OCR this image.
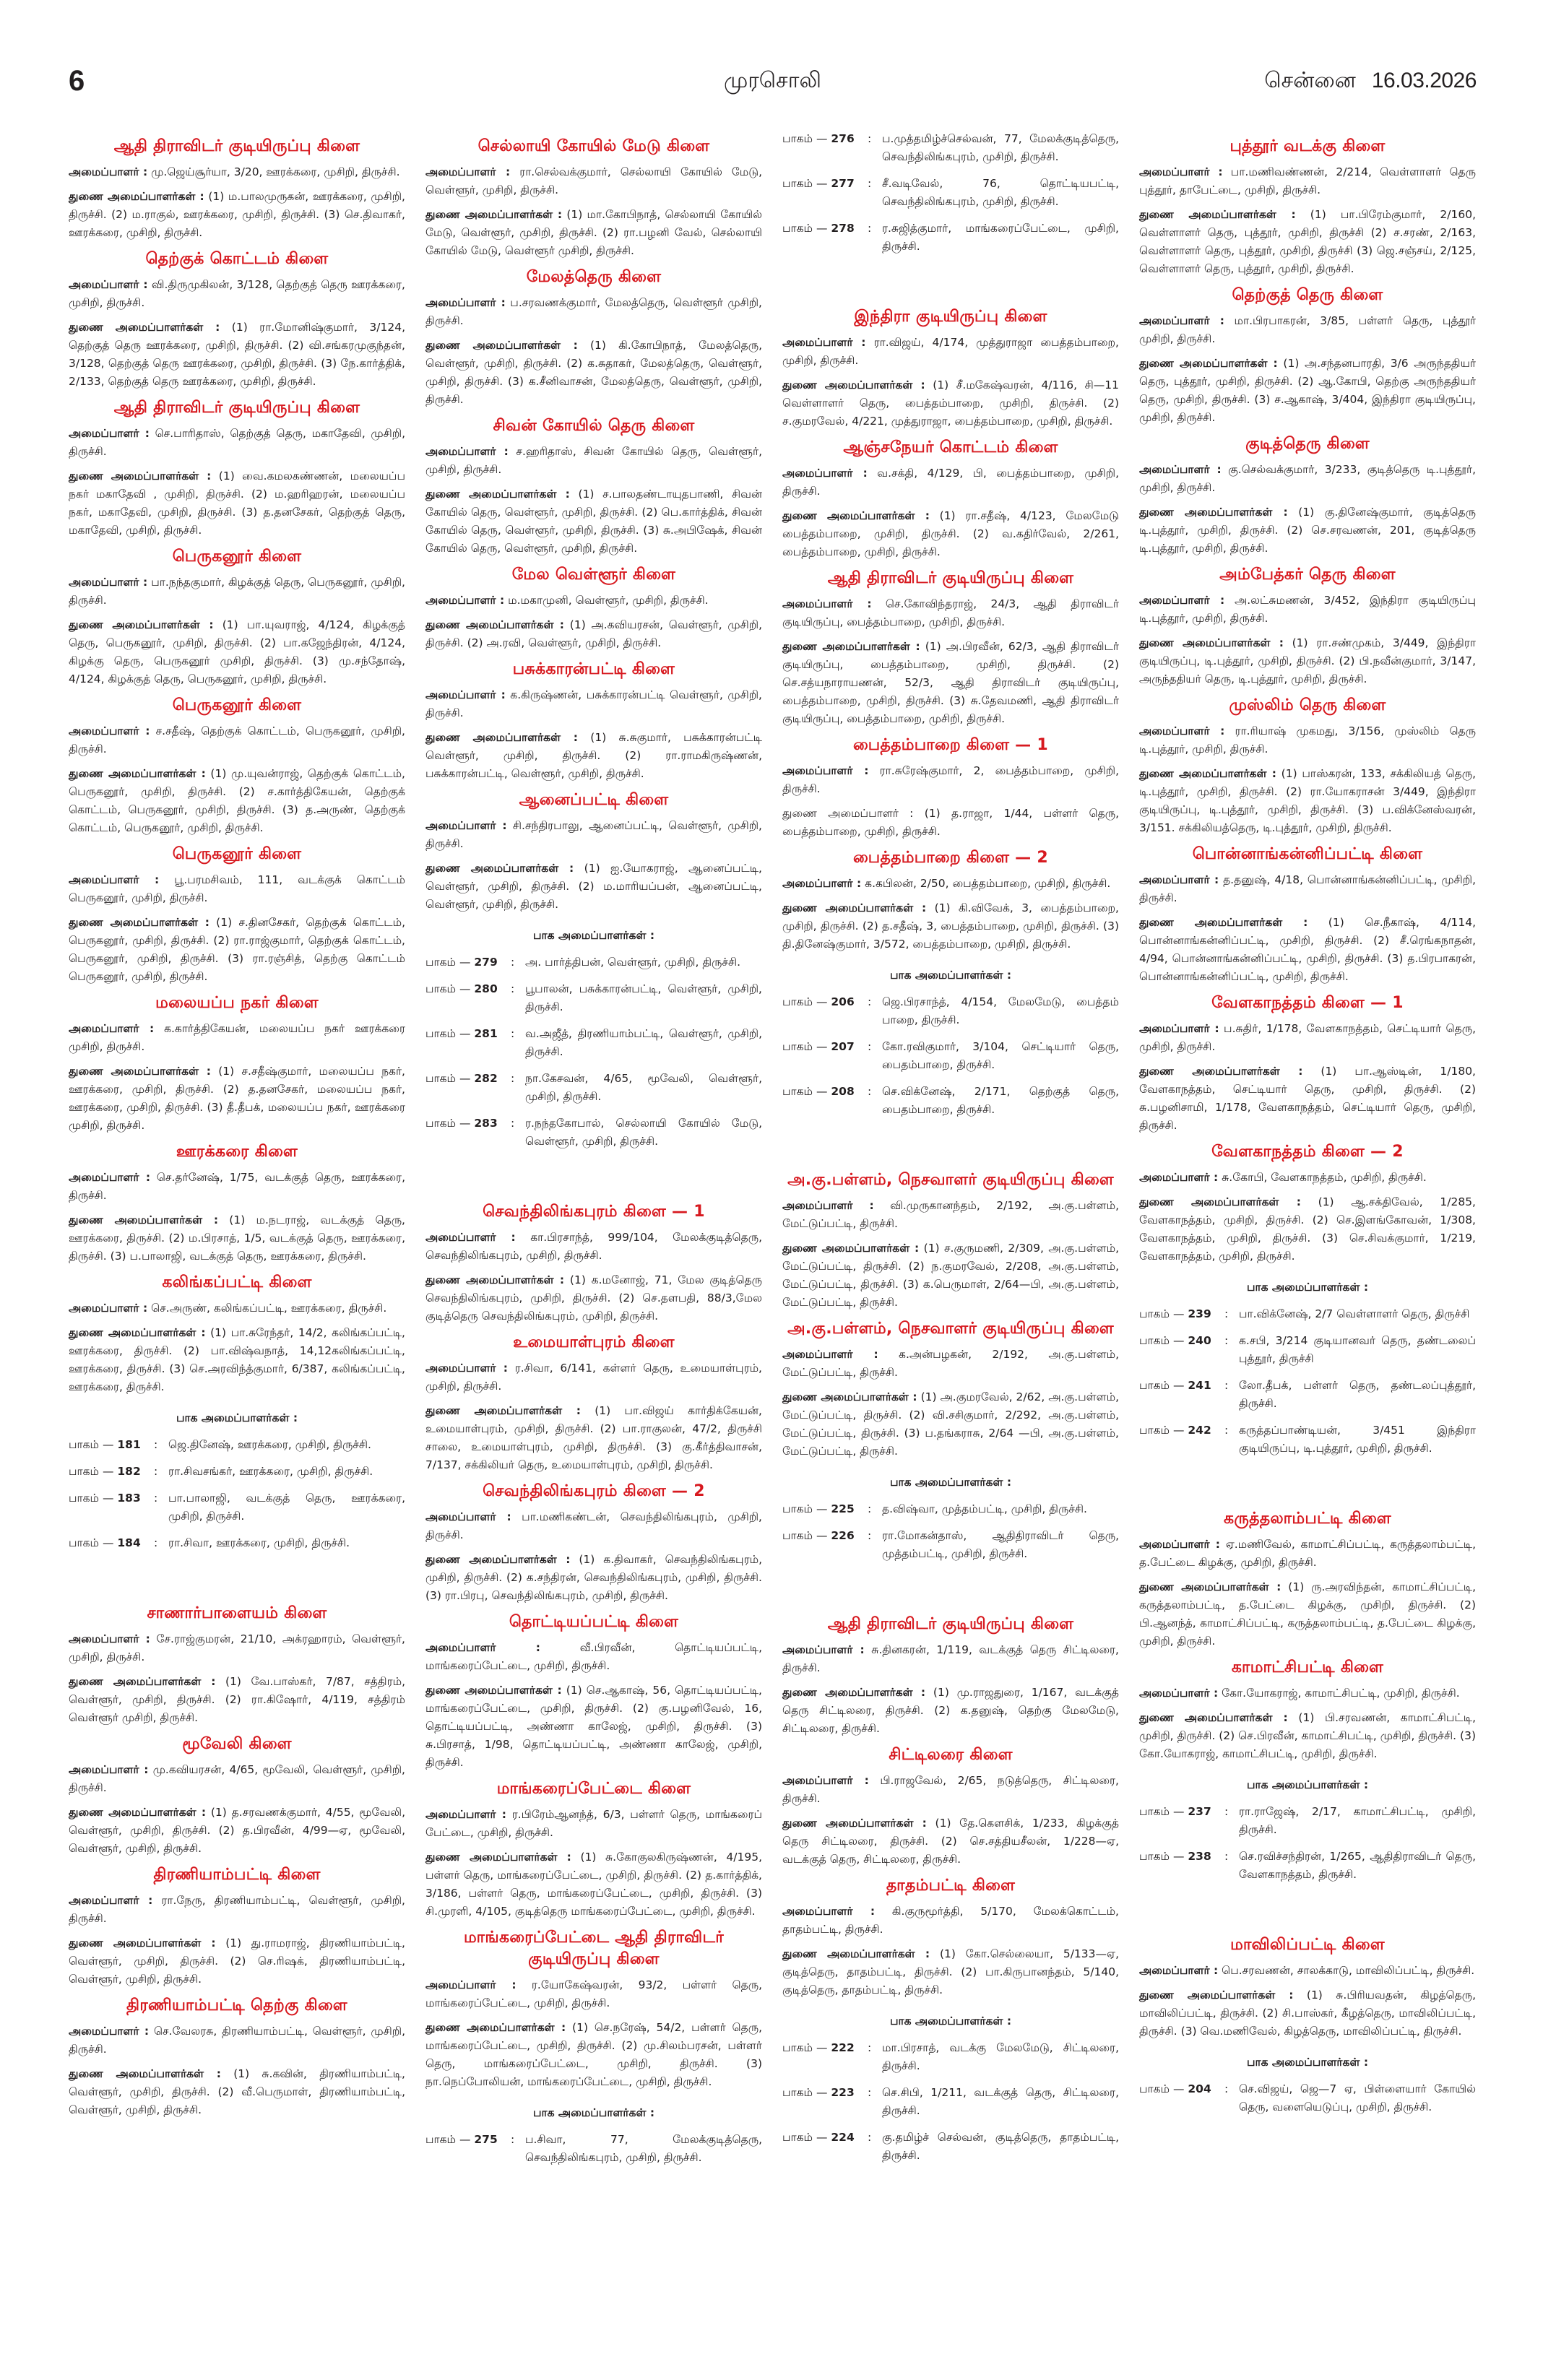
6	முரசொலி	சென்னை 16.03.2026
ஆதி திராவிடர் குடியிருப்பு கிளை

அமைப்பாளர் : மு.ஜெய்சூர்யா, 3/20, ஊரக்கரை, முசிறி, திருச்சி.

துணை அமைப்பாளர்கள் : (1) ம.பாலமுருகன், ஊரக்கரை, முசிறி, திருச்சி. (2) ம.ராகுல், ஊரக்கரை, முசிறி, திருச்சி. (3) செ.திவாகர், ஊரக்கரை, முசிறி, திருச்சி.

தெற்குக் கொட்டம் கிளை

அமைப்பாளர் : வி.திருமுகிலன், 3/128, தெற்குத் தெரு ஊரக்கரை, முசிறி, திருச்சி.

துணை அமைப்பாளர்கள் : (1) ரா.மோனிஷ்குமார், 3/124, தெற்குத் தெரு ஊரக்கரை, முசிறி, திருச்சி. (2) வி.சங்கரமுகுந்தன், 3/128, தெற்குத் தெரு ஊரக்கரை, முசிறி, திருச்சி. (3) நே.கார்த்திக், 2/133, தெற்குத் தெரு ஊரக்கரை, முசிறி, திருச்சி.

ஆதி திராவிடர் குடியிருப்பு கிளை

அமைப்பாளர் : செ.பாரிதாஸ், தெற்குத் தெரு, மகாதேவி, முசிறி, திருச்சி.

துணை அமைப்பாளர்கள் : (1) வை.கமலகண்ணன், மலையப்ப நகர் மகாதேவி , முசிறி, திருச்சி. (2) ம.ஹரிஹரன், மலையப்ப நகர், மகாதேவி, முசிறி, திருச்சி. (3) த.தனசேகர், தெற்குத் தெரு, மகாதேவி, முசிறி, திருச்சி.

பெருகனூர் கிளை

அமைப்பாளர் : பா.நந்தகுமார், கிழக்குத் தெரு, பெருகனூர், முசிறி, திருச்சி.

துணை அமைப்பாளர்கள் : (1) பா.யுவராஜ், 4/124, கிழக்குத் தெரு, பெருகனூர், முசிறி, திருச்சி. (2) பா.கஜேந்திரன், 4/124, கிழக்கு தெரு, பெருகனூர் முசிறி, திருச்சி. (3) மு.சந்தோஷ், 4/124, கிழக்குத் தெரு, பெருகனூர், முசிறி, திருச்சி.

பெருகனூர் கிளை

அமைப்பாளர் : ச.சதீஷ், தெற்குக் கொட்டம், பெருகனூர், முசிறி, திருச்சி.

துணை அமைப்பாளர்கள் : (1) மு.யுவன்ராஜ், தெற்குக் கொட்டம், பெருகனூர், முசிறி, திருச்சி. (2) ச.கார்த்திகேயன், தெற்குக் கொட்டம், பெருகனூர், முசிறி, திருச்சி. (3) த.அருண், தெற்குக் கொட்டம், பெருகனூர், முசிறி, திருச்சி.

பெருகனூர் கிளை

அமைப்பாளர் : பூ.பரமசிவம், 111, வடக்குக் கொட்டம் பெருகனூர், முசிறி, திருச்சி.

துணை அமைப்பாளர்கள் : (1) ச.தினசேகர், தெற்குக் கொட்டம், பெருகனூர், முசிறி, திருச்சி. (2) ரா.ராஜ்குமார், தெற்குக் கொட்டம், பெருகனூர், முசிறி, திருச்சி. (3) ரா.ரஞ்சித், தெற்கு கொட்டம் பெருகனூர், முசிறி, திருச்சி.

மலையப்ப நகர் கிளை

அமைப்பாளர் : க.கார்த்திகேயன், மலையப்ப நகர் ஊரக்கரை முசிறி, திருச்சி.

துணை அமைப்பாளர்கள் : (1) ச.சதீஷ்குமார், மலையப்ப நகர், ஊரக்கரை, முசிறி, திருச்சி. (2) த.தனசேகர், மலையப்ப நகர், ஊரக்கரை, முசிறி, திருச்சி. (3) தீ.தீபக், மலையப்ப நகர், ஊரக்கரை முசிறி, திருச்சி.

ஊரக்கரை கிளை

அமைப்பாளர் : செ.தர்னேஷ், 1/75, வடக்குத் தெரு, ஊரக்கரை, திருச்சி.

துணை அமைப்பாளர்கள் : (1) ம.நடராஜ், வடக்குத் தெரு, ஊரக்கரை, திருச்சி. (2) ம.பிரசாத், 1/5, வடக்குத் தெரு, ஊரக்கரை, திருச்சி. (3) ப.பாலாஜி, வடக்குத் தெரு, ஊரக்கரை, திருச்சி.

கலிங்கப்பட்டி கிளை

அமைப்பாளர் : செ.அருண், கலிங்கப்பட்டி, ஊரக்கரை, திருச்சி.

துணை அமைப்பாளர்கள் : (1) பா.சுரேந்தர், 14/2, கலிங்கப்பட்டி, ஊரக்கரை, திருச்சி. (2) பா.விஷ்வநாத், 14,12கலிங்கப்பட்டி, ஊரக்கரை, திருச்சி. (3) செ.அரவிந்த்குமார், 6/387, கலிங்கப்பட்டி, ஊரக்கரை, திருச்சி.

பாக அமைப்பாளர்கள் :
பாகம் — 181	: ஜெ.தினேஷ், ஊரக்கரை, முசிறி, திருச்சி.
பாகம் — 182	: ரா.சிவசங்கர், ஊரக்கரை, முசிறி, திருச்சி.
பாகம் — 183	: பா.பாலாஜி, வடக்குத் தெரு, ஊரக்கரை, முசிறி, திருச்சி.
பாகம் — 184	: ரா.சிவா, ஊரக்கரை, முசிறி, திருச்சி.
சாணார்பாளையம் கிளை

அமைப்பாளர் : சே.ராஜ்குமரன், 21/10, அக்ரஹாரம், வெள்ளூர், முசிறி, திருச்சி.

துணை அமைப்பாளர்கள் : (1) வே.பாஸ்கர், 7/87, சத்திரம், வெள்ளூர், முசிறி, திருச்சி. (2) ரா.கிஷோர், 4/119, சத்திரம் வெள்ளூர் முசிறி, திருச்சி.

மூவேலி கிளை

அமைப்பாளர் : மு.கவியரசன், 4/65, மூவேலி, வெள்ளூர், முசிறி, திருச்சி.

துணை அமைப்பாளர்கள் : (1) த.சரவணக்குமார், 4/55, மூவேலி, வெள்ளூர், முசிறி, திருச்சி. (2) த.பிரவீன், 4/99—ஏ, மூவேலி, வெள்ளூர், முசிறி, திருச்சி.

திரணியாம்பட்டி கிளை

அமைப்பாளர் : ரா.நேரு, திரணியாம்பட்டி, வெள்ளூர், முசிறி, திருச்சி.

துணை அமைப்பாளர்கள் : (1) து.ராமராஜ், திரணியாம்பட்டி, வெள்ளூர், முசிறி, திருச்சி. (2) செ.ரிஷக், திரணியாம்பட்டி, வெள்ளூர், முசிறி, திருச்சி.

திரணியாம்பட்டி தெற்கு கிளை

அமைப்பாளர் : செ.வேலரசு, திரணியாம்பட்டி, வெள்ளூர், முசிறி, திருச்சி.

துணை அமைப்பாளர்கள் : (1) சு.கவின், திரணியாம்பட்டி, வெள்ளூர், முசிறி, திருச்சி. (2) வீ.பெருமாள், திரணியாம்பட்டி, வெள்ளூர், முசிறி, திருச்சி.

செல்லாயி கோயில் மேடு கிளை

அமைப்பாளர் : ரா.செல்வக்குமார், செல்லாயி கோயில் மேடு, வெள்ளூர், முசிறி, திருச்சி.

துணை அமைப்பாளர்கள் : (1) மா.கோபிநாத், செல்லாயி கோயில் மேடு, வெள்ளூர், முசிறி, திருச்சி. (2) ரா.பழனி வேல், செல்லாயி கோயில் மேடு, வெள்ளூர் முசிறி, திருச்சி.

மேலத்தெரு கிளை

அமைப்பாளர் : ப.சரவணக்குமார், மேலத்தெரு, வெள்ளூர் முசிறி, திருச்சி.

துணை அமைப்பாளர்கள் : (1) கி.கோபிநாத், மேலத்தெரு, வெள்ளூர், முசிறி, திருச்சி. (2) க.சுதாகர், மேலத்தெரு, வெள்ளூர், முசிறி, திருச்சி. (3) க.சீனிவாசன், மேலத்தெரு, வெள்ளூர், முசிறி, திருச்சி.

சிவன் கோயில் தெரு கிளை

அமைப்பாளர் : ச.ஹரிதாஸ், சிவன் கோயில் தெரு, வெள்ளூர், முசிறி, திருச்சி.

துணை அமைப்பாளர்கள் : (1) ச.பாலதண்டாயுதபாணி, சிவன் கோயில் தெரு, வெள்ளூர், முசிறி, திருச்சி. (2) பெ.கார்த்திக், சிவன் கோயில் தெரு, வெள்ளூர், முசிறி, திருச்சி. (3) சு.அபிஷேக், சிவன் கோயில் தெரு, வெள்ளூர், முசிறி, திருச்சி.

மேல வெள்ளூர் கிளை

அமைப்பாளர் : ம.மகாமுனி, வெள்ளூர், முசிறி, திருச்சி.

துணை அமைப்பாளர்கள் : (1) அ.கவியரசன், வெள்ளூர், முசிறி, திருச்சி. (2) அ.ரவி, வெள்ளூர், முசிறி, திருச்சி.

பசுக்காரன்பட்டி கிளை

அமைப்பாளர் : க.கிருஷ்ணன், பசுக்காரன்பட்டி வெள்ளூர், முசிறி, திருச்சி.

துணை அமைப்பாளர்கள் : (1) சு.சுகுமார், பசுக்காரன்பட்டி வெள்ளூர், முசிறி, திருச்சி. (2) ரா.ராமகிருஷ்ணன், பசுக்காரன்பட்டி, வெள்ளூர், முசிறி, திருச்சி.

ஆனைப்பட்டி கிளை

அமைப்பாளர் : சி.சந்திரபாலு, ஆனைப்பட்டி, வெள்ளூர், முசிறி, திருச்சி.

துணை அமைப்பாளர்கள் : (1) ஐ.யோகராஜ், ஆனைப்பட்டி, வெள்ளூர், முசிறி, திருச்சி. (2) ம.மாரியப்பன், ஆனைப்பட்டி, வெள்ளூர், முசிறி, திருச்சி.

பாக அமைப்பாளர்கள் :
பாகம் — 279	: அ. பார்த்திபன், வெள்ளூர், முசிறி, திருச்சி.
பாகம் — 280	: பூபாலன், பசுக்காரன்பட்டி, வெள்ளூர், முசிறி, திருச்சி.
பாகம் — 281	: வ.அஜீத், திரணியாம்பட்டி, வெள்ளூர், முசிறி, திருச்சி.
பாகம் — 282	: நா.கேசவன், 4/65, மூவேலி, வெள்ளூர், முசிறி, திருச்சி.
பாகம் — 283	: ர.நந்தகோபால், செல்லாயி கோயில் மேடு, வெள்ளூர், முசிறி, திருச்சி.
செவந்திலிங்கபுரம் கிளை — 1

அமைப்பாளர் : கா.பிரசாந்த், 999/104, மேலக்குடித்தெரு, செவந்திலிங்கபுரம், முசிறி, திருச்சி.

துணை அமைப்பாளர்கள் : (1) க.மனோஜ், 71, மேல குடித்தெரு செவந்திலிங்கபுரம், முசிறி, திருச்சி. (2) செ.தளபதி, 88/3,மேல குடித்தெரு செவந்திலிங்கபுரம், முசிறி, திருச்சி.

உமையாள்புரம் கிளை

அமைப்பாளர் : ர.சிவா, 6/141, கள்ளர் தெரு, உமையாள்புரம், முசிறி, திருச்சி.

துணை அமைப்பாளர்கள் : (1) பா.விஜய் கார்திக்கேயன், உமையாள்புரம், முசிறி, திருச்சி. (2) பா.ராகுலன், 47/2, திருச்சி சாலை, உமையாள்புரம், முசிறி, திருச்சி. (3) கு.கீர்த்திவாசன், 7/137, சக்கிலியர் தெரு, உமையாள்புரம், முசிறி, திருச்சி.

செவந்திலிங்கபுரம் கிளை — 2

அமைப்பாளர் : பா.மணிகண்டன், செவந்திலிங்கபுரம், முசிறி, திருச்சி.

துணை அமைப்பாளர்கள் : (1) க.திவாகர், செவந்திலிங்கபுரம், முசிறி, திருச்சி. (2) க.சந்திரன், செவந்திலிங்கபுரம், முசிறி, திருச்சி. (3) ரா.பிரபு, செவந்திலிங்கபுரம், முசிறி, திருச்சி.

தொட்டியப்பட்டி கிளை

அமைப்பாளர் :	வீ.பிரவீன், தொட்டியப்பட்டி, மாங்கரைப்பேட்டை, முசிறி, திருச்சி.

துணை அமைப்பாளர்கள் : (1) செ.ஆகாஷ், 56, தொட்டியப்பட்டி, மாங்கரைப்பேட்டை, முசிறி, திருச்சி. (2) கு.பழனிவேல், 16, தொட்டியப்பட்டி, அண்ணா காலேஜ், முசிறி, திருச்சி. (3) சு.பிரசாத், 1/98, தொட்டியப்பட்டி, அண்ணா காலேஜ், முசிறி, திருச்சி.

மாங்கரைப்பேட்டை கிளை

அமைப்பாளர் : ர.பிரேம்ஆனந்த், 6/3, பள்ளர் தெரு, மாங்கரைப் பேட்டை, முசிறி, திருச்சி.

துணை அமைப்பாளர்கள் : (1) சு.கோகுலகிருஷ்ணன், 4/195, பள்ளர் தெரு, மாங்கரைப்பேட்டை, முசிறி, திருச்சி. (2) த.கார்த்திக், 3/186, பள்ளர் தெரு, மாங்கரைப்பேட்டை, முசிறி, திருச்சி. (3) சி.முரளி, 4/105, குடித்தெரு மாங்கரைப்பேட்டை, முசிறி, திருச்சி.

மாங்கரைப்பேட்டை ஆதி திராவிடர் குடியிருப்பு கிளை

அமைப்பாளர் : ர.யோகேஷ்வரன், 93/2, பள்ளர் தெரு, மாங்கரைப்பேட்டை, முசிறி, திருச்சி.

துணை அமைப்பாளர்கள் : (1) செ.நரேஷ், 54/2, பள்ளர் தெரு, மாங்கரைப்பேட்டை, முசிறி, திருச்சி. (2) மு.சிலம்பரசன், பள்ளர் தெரு, மாங்கரைப்பேட்டை, முசிறி, திருச்சி. (3) நா.நெப்போலியன், மாங்கரைப்பேட்டை, முசிறி, திருச்சி.

பாக அமைப்பாளர்கள் :
பாகம் — 275	: ப.சிவா, 77, மேலக்குடித்தெரு, செவந்திலிங்கபுரம், முசிறி, திருச்சி.
பாகம் — 276	: ப.முத்தமிழ்ச்செல்வன், 77, மேலக்குடித்தெரு, செவந்திலிங்கபுரம், முசிறி, திருச்சி.
பாகம் — 277	: சீ.வடிவேல், 76, தொட்டியபட்டி, செவந்திலிங்கபுரம், முசிறி, திருச்சி.
பாகம் — 278	: ர.சுஜித்குமார், மாங்கரைப்பேட்டை, முசிறி, திருச்சி.
இந்திரா குடியிருப்பு கிளை

அமைப்பாளர் : ரா.விஜய், 4/174, முத்துராஜா பைத்தம்பாறை, முசிறி, திருச்சி.

துணை அமைப்பாளர்கள் : (1) சீ.மகேஷ்வரன், 4/116, சி—11 வெள்ளாளர் தெரு, பைத்தம்பாறை, முசிறி, திருச்சி. (2) ச.குமரவேல், 4/221, முத்துராஜா, பைத்தம்பாறை, முசிறி, திருச்சி.

ஆஞ்சநேயர் கொட்டம் கிளை

அமைப்பாளர் : வ.சக்தி, 4/129, பி, பைத்தம்பாறை, முசிறி, திருச்சி.

துணை அமைப்பாளர்கள் : (1) ரா.சதீஷ், 4/123, மேலமேடு பைத்தம்பாறை, முசிறி, திருச்சி. (2) வ.கதிர்வேல், 2/261, பைத்தம்பாறை, முசிறி, திருச்சி.

ஆதி திராவிடர் குடியிருப்பு கிளை

அமைப்பாளர் : செ.கோவிந்தராஜ், 24/3, ஆதி திராவிடர் குடியிருப்பு, பைத்தம்பாறை, முசிறி, திருச்சி.

துணை அமைப்பாளர்கள் : (1) அ.பிரவீன், 62/3, ஆதி திராவிடர் குடியிருப்பு, பைத்தம்பாறை, முசிறி, திருச்சி. (2) செ.சத்யநாராயணன், 52/3, ஆதி திராவிடர் குடியிருப்பு, பைத்தம்பாறை, முசிறி, திருச்சி. (3) சு.தேவமணி, ஆதி திராவிடர் குடியிருப்பு, பைத்தம்பாறை, முசிறி, திருச்சி.

பைத்தம்பாறை கிளை — 1

அமைப்பாளர் : ரா.சுரேஷ்குமார், 2, பைத்தம்பாறை, முசிறி, திருச்சி.

துணை அமைப்பாளர் : (1) த.ராஜா, 1/44, பள்ளர் தெரு, பைத்தம்பாறை, முசிறி, திருச்சி.

பைத்தம்பாறை கிளை — 2

அமைப்பாளர் : க.கபிலன், 2/50, பைத்தம்பாறை, முசிறி, திருச்சி.

துணை அமைப்பாளர்கள் : (1) கி.விவேக், 3, பைத்தம்பாறை, முசிறி, திருச்சி. (2) த.சதீஷ், 3, பைத்தம்பாறை, முசிறி, திருச்சி. (3) தி.தினேஷ்குமார், 3/572, பைத்தம்பாறை, முசிறி, திருச்சி.

பாக அமைப்பாளர்கள் :
பாகம் — 206	: ஜெ.பிரசாந்த், 4/154, மேலமேடு, பைத்தம் பாறை, திருச்சி.
பாகம் — 207	: கோ.ரவிகுமார், 3/104, செட்டியார் தெரு, பைதம்பாறை, திருச்சி.
பாகம் — 208	: செ.விக்னேஷ், 2/171, தெற்குத் தெரு, பைதம்பாறை, திருச்சி.
அ.கு.பள்ளம், நெசவாளர் குடியிருப்பு கிளை

அமைப்பாளர் : வி.முருகானந்தம், 2/192, அ.கு.பள்ளம், மேட்டுப்பட்டி, திருச்சி.

துணை அமைப்பாளர்கள் : (1) ச.குருமணி, 2/309, அ.கு.பள்ளம், மேட்டுப்பட்டி, திருச்சி. (2) ந.குமரவேல், 2/208, அ.கு.பள்ளம், மேட்டுப்பட்டி, திருச்சி. (3) க.பெருமாள், 2/64—பி, அ.கு.பள்ளம், மேட்டுப்பட்டி, திருச்சி.

அ.கு.பள்ளம், நெசவாளர் குடியிருப்பு கிளை

அமைப்பாளர் : க.அன்பழகன், 2/192, அ.கு.பள்ளம், மேட்டுப்பட்டி, திருச்சி.

துணை அமைப்பாளர்கள் : (1) அ.குமரவேல், 2/62, அ.கு.பள்ளம், மேட்டுப்பட்டி, திருச்சி. (2) வி.சசிகுமார், 2/292, அ.கு.பள்ளம், மேட்டுப்பட்டி, திருச்சி. (3) ப.தங்கராசு, 2/64 —பி, அ.கு.பள்ளம், மேட்டுப்பட்டி, திருச்சி.

பாக அமைப்பாளர்கள் :
பாகம் — 225	: த.விஷ்வா, முத்தம்பட்டி, முசிறி, திருச்சி.
பாகம் — 226	: ரா.மோகன்தாஸ், ஆதிதிராவிடர் தெரு, முத்தம்பட்டி, முசிறி, திருச்சி.
ஆதி திராவிடர் குடியிருப்பு கிளை

அமைப்பாளர் : சு.தினகரன், 1/119, வடக்குத் தெரு சிட்டிலரை, திருச்சி.

துணை அமைப்பாளர்கள் : (1) மு.ராஜதுரை, 1/167, வடக்குத் தெரு சிட்டிலரை, திருச்சி. (2) க.தனுஷ், தெற்கு மேலமேடு, சிட்டிலரை, திருச்சி.

சிட்டிலரை கிளை

அமைப்பாளர் : பி.ராஜவேல், 2/65, நடுத்தெரு, சிட்டிலரை, திருச்சி.

துணை அமைப்பாளர்கள் : (1) தே.கௌசிக், 1/233, கிழக்குத் தெரு சிட்டிலரை, திருச்சி. (2) செ.சத்தியசீலன், 1/228—ஏ, வடக்குத் தெரு, சிட்டிலரை, திருச்சி.

தாதம்பட்டி கிளை

அமைப்பாளர் : கி.குருமூர்த்தி, 5/170, மேலக்கொட்டம், தாதம்பட்டி, திருச்சி.

துணை அமைப்பாளர்கள் : (1) கோ.செல்லையா, 5/133—ஏ, குடித்தெரு, தாதம்பட்டி, திருச்சி. (2) பா.கிருபானந்தம், 5/140, குடித்தெரு, தாதம்பட்டி, திருச்சி.

பாக அமைப்பாளர்கள் :
பாகம் — 222	: மா.பிரசாத், வடக்கு மேலமேடு, சிட்டிலரை, திருச்சி.
பாகம் — 223	: செ.சிபி, 1/211, வடக்குத் தெரு, சிட்டிலரை, திருச்சி.
பாகம் — 224	: கு.தமிழ்ச் செல்வன், குடித்தெரு, தாதம்பட்டி, திருச்சி.
புத்தூர் வடக்கு கிளை

அமைப்பாளர் : பா.மணிவண்ணன், 2/214, வெள்ளாளர் தெரு புத்தூர், தாபேட்டை, முசிறி, திருச்சி.

துணை அமைப்பாளர்கள் : (1) பா.பிரேம்குமார், 2/160, வெள்ளாளர் தெரு, புத்தூர், முசிறி, திருச்சி (2) ச.சரண், 2/163, வெள்ளாளர் தெரு, புத்தூர், முசிறி, திருச்சி (3) ஜெ.சஞ்சய், 2/125, வெள்ளாளர் தெரு, புத்தூர், முசிறி, திருச்சி.

தெற்குத் தெரு கிளை

அமைப்பாளர் : மா.பிரபாகரன், 3/85, பள்ளர் தெரு, புத்தூர் முசிறி, திருச்சி.

துணை அமைப்பாளர்கள் : (1) அ.சந்தனபாரதி, 3/6 அருந்ததியர் தெரு, புத்தூர், முசிறி, திருச்சி. (2) ஆ.கோபி, தெற்கு அருந்ததியர் தெரு, முசிறி, திருச்சி. (3) ச.ஆகாஷ், 3/404, இந்திரா குடியிருப்பு, முசிறி, திருச்சி.

குடித்தெரு கிளை

அமைப்பாளர் : கு.செல்வக்குமார், 3/233, குடித்தெரு டி.புத்தூர், முசிறி, திருச்சி.

துணை அமைப்பாளர்கள் : (1) கு.தினேஷ்குமார், குடித்தெரு டி.புத்தூர், முசிறி, திருச்சி. (2) செ.சரவணன், 201, குடித்தெரு டி.புத்தூர், முசிறி, திருச்சி.

அம்பேத்கர் தெரு கிளை

அமைப்பாளர் : அ.லட்சுமணன், 3/452, இந்திரா குடியிருப்பு டி.புத்தூர், முசிறி, திருச்சி.

துணை அமைப்பாளர்கள் : (1) ரா.சண்முகம், 3/449, இந்திரா குடியிருப்பு, டி.புத்தூர், முசிறி, திருச்சி. (2) பி.நவீன்குமார், 3/147, அருந்ததியர் தெரு, டி.புத்தூர், முசிறி, திருச்சி.

முஸ்லிம் தெரு கிளை

அமைப்பாளர் : ரா.ரியாஷ் முகமது, 3/156, முஸ்லிம் தெரு டி.புத்தூர், முசிறி, திருச்சி.

துணை அமைப்பாளர்கள் : (1) பாஸ்கரன், 133, சக்கிலியத் தெரு, டி.புத்தூர், முசிறி, திருச்சி. (2) ரா.யோகராசன் 3/449, இந்திரா குடியிருப்பு, டி.புத்தூர், முசிறி, திருச்சி. (3) ப.விக்னேஸ்வரன், 3/151. சக்கிலியத்தெரு, டி.புத்தூர், முசிறி, திருச்சி.

பொன்னாங்கன்னிப்பட்டி கிளை

அமைப்பாளர் : த.தனுஷ், 4/18, பொன்னாங்கன்னிப்பட்டி, முசிறி, திருச்சி.

துணை அமைப்பாளர்கள் : (1) செ.நீகாஷ், 4/114, பொன்னாங்கன்னிப்பட்டி, முசிறி, திருச்சி. (2) சீ.ரெங்கநாதன், 4/94, பொன்னாங்கன்னிப்பட்டி, முசிறி, திருச்சி. (3) த.பிரபாகரன், பொன்னாங்கன்னிப்பட்டி, முசிறி, திருச்சி.

வேளகாநத்தம் கிளை — 1

அமைப்பாளர் : ப.சுதிர், 1/178, வேளகாநத்தம், செட்டியார் தெரு, முசிறி, திருச்சி.

துணை அமைப்பாளர்கள் : (1) பா.ஆஸ்டின், 1/180, வேளகாநத்தம், செட்டியார் தெரு, முசிறி, திருச்சி. (2) சு.பழனிசாமி, 1/178, வேளகாநத்தம், செட்டியார் தெரு, முசிறி, திருச்சி.

வேளகாநத்தம் கிளை — 2

அமைப்பாளர் : சு.கோபி, வேளகாநத்தம், முசிறி, திருச்சி.

துணை அமைப்பாளர்கள் : (1) ஆ.சக்திவேல், 1/285, வேளகாநத்தம், முசிறி, திருச்சி. (2) செ.இளங்கோவன், 1/308, வேளகாநத்தம், முசிறி, திருச்சி. (3) செ.சிவக்குமார், 1/219, வேளகாநத்தம், முசிறி, திருச்சி.

பாக அமைப்பாளர்கள் :
பாகம் — 239	: பா.விக்னேஷ், 2/7 வெள்ளாளர் தெரு, திருச்சி
பாகம் — 240	: க.சபி, 3/214 குடியானவர் தெரு, தண்டலைப் புத்தூர், திருச்சி
பாகம் — 241	: லோ.தீபக், பள்ளர் தெரு, தண்டலப்புத்தூர், திருச்சி.
பாகம் — 242	: கருத்தப்பாண்டியன், 3/451 இந்திரா குடியிருப்பு, டி.புத்தூர், முசிறி, திருச்சி.
கருத்தலாம்பட்டி கிளை

அமைப்பாளர் : ஏ.மணிவேல், காமாட்சிப்பட்டி, கருத்தலாம்பட்டி, த.பேட்டை கிழக்கு, முசிறி, திருச்சி.

துணை அமைப்பாளர்கள் : (1) ரு.அரவிந்தன், காமாட்சிப்பட்டி, கருத்தலாம்பட்டி, த.பேட்டை கிழக்கு, முசிறி, திருச்சி. (2) பி.ஆனந்த், காமாட்சிப்பட்டி, கருத்தலாம்பட்டி, த.பேட்டை கிழக்கு, முசிறி, திருச்சி.

காமாட்சிபட்டி கிளை

அமைப்பாளர் : கோ.யோகராஜ், காமாட்சிபட்டி, முசிறி, திருச்சி.

துணை அமைப்பாளர்கள் : (1) பி.சரவணன், காமாட்சிபட்டி, முசிறி, திருச்சி. (2) செ.பிரவீன், காமாட்சிபட்டி, முசிறி, திருச்சி. (3) கோ.யோகராஜ், காமாட்சிபட்டி, முசிறி, திருச்சி.

பாக அமைப்பாளர்கள் :
பாகம் — 237	: ரா.ராஜேஷ், 2/17, காமாட்சிபட்டி, முசிறி, திருச்சி.
பாகம் — 238	: செ.ரவிச்சந்திரன், 1/265, ஆதிதிராவிடர் தெரு, வேளகாநத்தம், திருச்சி.
மாவிலிப்பட்டி கிளை

அமைப்பாளர் : பெ.சரவணன், சாலக்காடு, மாவிலிப்பட்டி, திருச்சி.

துணை அமைப்பாளர்கள் : (1) சு.பிரியவதன், கிழத்தெரு, மாவிலிப்பட்டி, திருச்சி. (2) சி.பாஸ்கர், கீழத்தெரு, மாவிலிப்பட்டி, திருச்சி. (3) வெ.மணிவேல், கிழத்தெரு, மாவிலிப்பட்டி, திருச்சி.

பாக அமைப்பாளர்கள் :
பாகம் — 204	: செ.விஜய், ஜெ—7 ஏ, பிள்ளையார் கோயில் தெரு, வளையெடுப்பு, முசிறி, திருச்சி.
